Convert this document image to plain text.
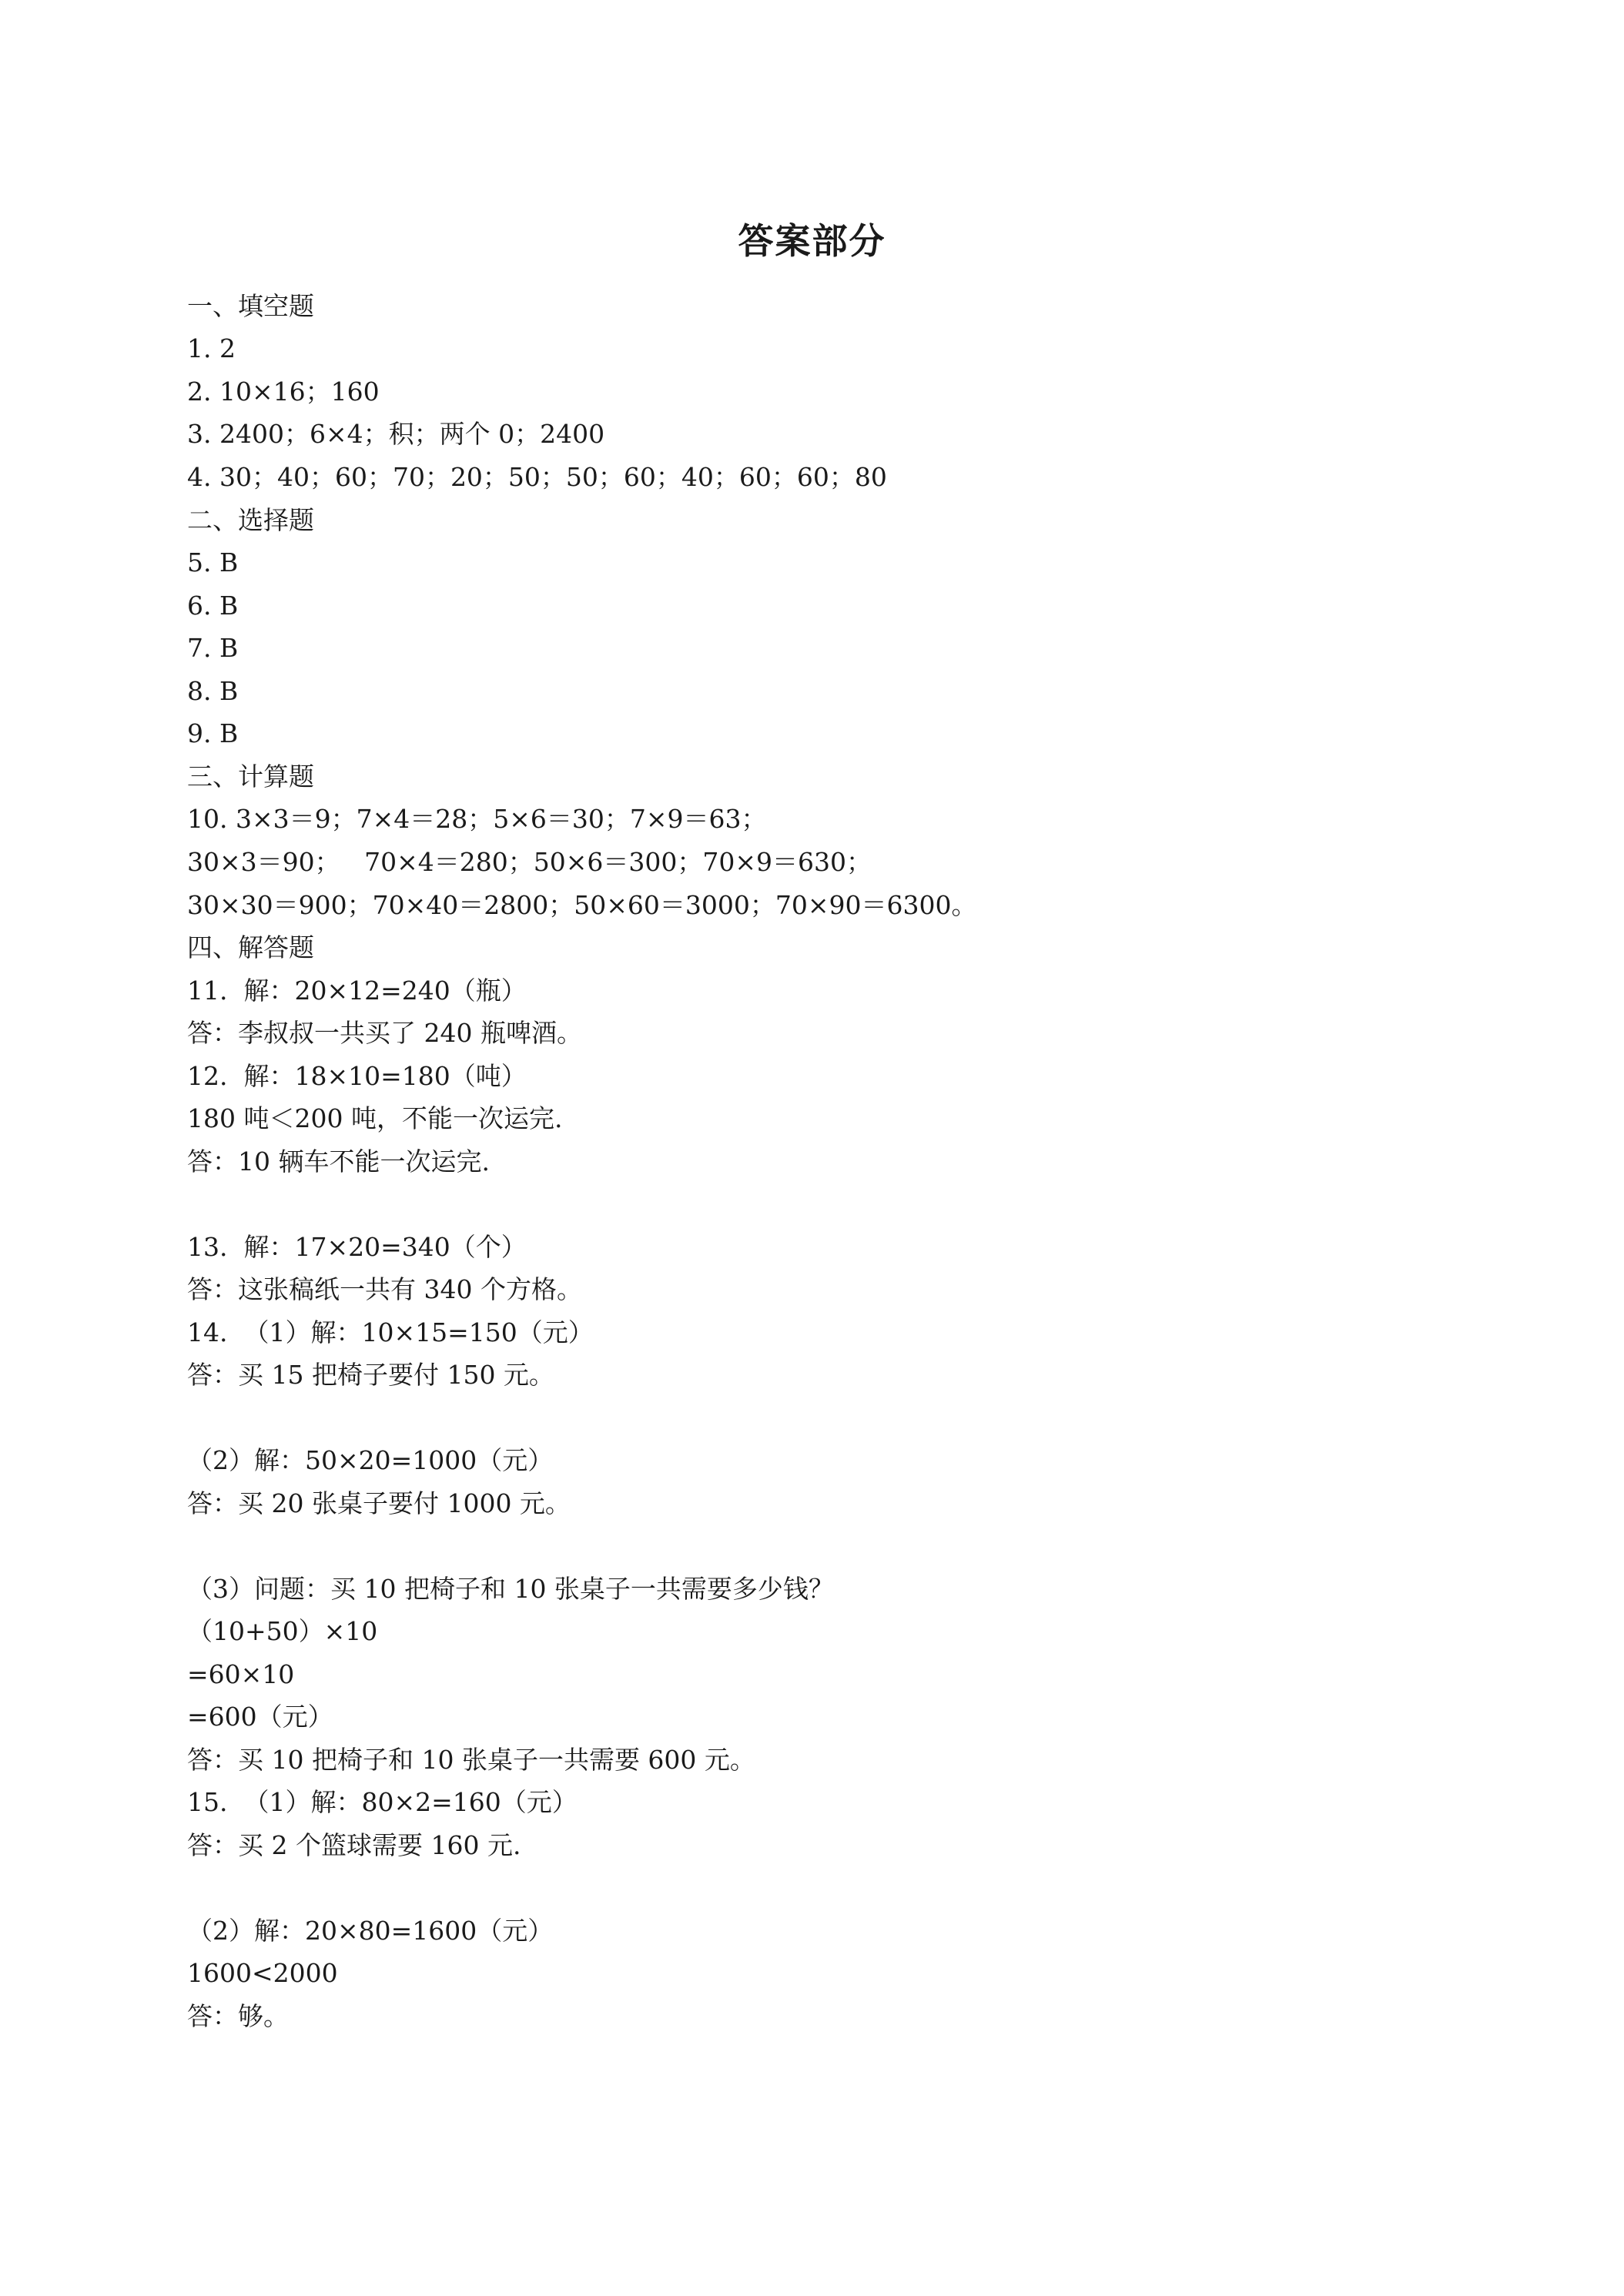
答案部分
一、填空题
1. 2
2. 10×16；160
3. 2400；6×4；积；两个 0；2400
4. 30；40；60；70；20；50；50；60；40；60；60；80
二、选择题
5. B
6. B
7. B
8. B
9. B
三、计算题
10. 3×3＝9；7×4＝28；5×6＝30；7×9＝63；
30×3＝90；   70×4＝280；50×6＝300；70×9＝630；
30×30＝900；70×40＝2800；50×60＝3000；70×90＝6300。
四、解答题
11.  解：20×12=240（瓶）
答：李叔叔一共买了 240 瓶啤酒。
12.  解：18×10=180（吨）
180 吨＜200 吨，不能一次运完.
答：10 辆车不能一次运完.
13.  解：17×20=340（个）
答：这张稿纸一共有 340 个方格。
14.  （1）解：10×15=150（元）
答：买 15 把椅子要付 150 元。
（2）解：50×20=1000（元）
答：买 20 张桌子要付 1000 元。
（3）问题：买 10 把椅子和 10 张桌子一共需要多少钱？
（10+50）×10
=60×10
=600（元）
答：买 10 把椅子和 10 张桌子一共需要 600 元。
15.  （1）解：80×2=160（元）
答：买 2 个篮球需要 160 元.
（2）解：20×80=1600（元）
1600<2000
答：够。
